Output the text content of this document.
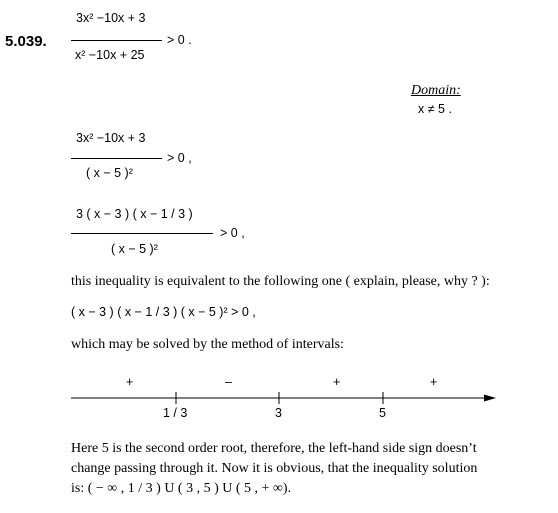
5.039.
3x² −10x + 3
x² −10x + 25
> 0 .
Domain:
x ≠ 5 .
3x² −10x + 3
( x − 5 )²
> 0 ,
3 ( x − 3 ) ( x − 1 / 3 )
( x − 5 )²
> 0 ,
this inequality is equivalent to the following one ( explain, please, why ? ):
( x − 3 ) ( x − 1 / 3 ) ( x − 5 )² > 0 ,
which may be solved by the method of intervals:
+	–	+	+
1 / 3	3	5
Here 5 is the second order root, therefore, the left-hand side sign doesn’t
change passing through it. Now it is obvious, that the inequality solution
is: ( − ∞ , 1 / 3 ) U ( 3 , 5 ) U ( 5 , + ∞).
